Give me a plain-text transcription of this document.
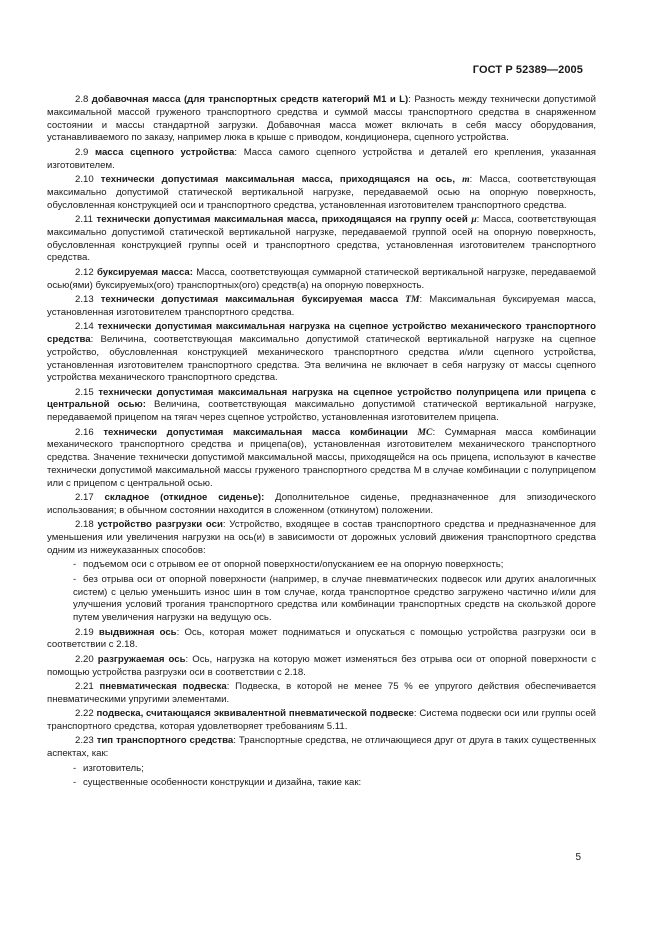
ГОСТ Р 52389—2005

2.8 добавочная масса (для транспортных средств категорий M1 и L): Разность между технически допустимой максимальной массой груженого транспортного средства и суммой массы транспортного средства в снаряженном состоянии и массы стандартной загрузки. Добавочная масса может включать в себя массу оборудования, устанавливаемого по заказу, например люка в крыше с приводом, кондиционера, сцепного устройства.

2.9 масса сцепного устройства: Масса самого сцепного устройства и деталей его крепления, указанная изготовителем.

2.10 технически допустимая максимальная масса, приходящаяся на ось, m: Масса, соответствующая максимально допустимой статической вертикальной нагрузке, передаваемой осью на опорную поверхность, обусловленная конструкцией оси и транспортного средства, установленная изготовителем транспортного средства.

2.11 технически допустимая максимальная масса, приходящаяся на группу осей μ: Масса, соответствующая максимально допустимой статической вертикальной нагрузке, передаваемой группой осей на опорную поверхность, обусловленная конструкцией группы осей и транспортного средства, установленная изготовителем транспортного средства.

2.12 буксируемая масса: Масса, соответствующая суммарной статической вертикальной нагрузке, передаваемой осью(ями) буксируемых(ого) транспортных(ого) средств(а) на опорную поверхность.

2.13 технически допустимая максимальная буксируемая масса TM: Максимальная буксируемая масса, установленная изготовителем транспортного средства.

2.14 технически допустимая максимальная нагрузка на сцепное устройство механического транспортного средства: Величина, соответствующая максимально допустимой статической вертикальной нагрузке на сцепное устройство, обусловленная конструкцией механического транспортного средства и/или сцепного устройства, установленная изготовителем транспортного средства. Эта величина не включает в себя нагрузку от массы сцепного устройства механического транспортного средства.

2.15 технически допустимая максимальная нагрузка на сцепное устройство полуприцепа или прицепа с центральной осью: Величина, соответствующая максимально допустимой статической вертикальной нагрузке, передаваемой прицепом на тягач через сцепное устройство, установленная изготовителем прицепа.

2.16 технически допустимая максимальная масса комбинации MC: Суммарная масса комбинации механического транспортного средства и прицепа(ов), установленная изготовителем механического транспортного средства. Значение технически допустимой максимальной массы, приходящейся на ось прицепа, используют в качестве технически допустимой максимальной массы груженого транспортного средства M в случае комбинации с полуприцепом или с прицепом с центральной осью.

2.17 складное (откидное сиденье): Дополнительное сиденье, предназначенное для эпизодического использования; в обычном состоянии находится в сложенном (откинутом) положении.

2.18 устройство разгрузки оси: Устройство, входящее в состав транспортного средства и предназначенное для уменьшения или увеличения нагрузки на ось(и) в зависимости от дорожных условий движения транспортного средства одним из нижеуказанных способов:

- подъемом оси с отрывом ее от опорной поверхности/опусканием ее на опорную поверхность;

- без отрыва оси от опорной поверхности (например, в случае пневматических подвесок или других аналогичных систем) с целью уменьшить износ шин в том случае, когда транспортное средство загружено частично и/или для улучшения условий трогания транспортного средства или комбинации транспортных средств на скользкой дороге путем увеличения нагрузки на ведущую ось.

2.19 выдвижная ось: Ось, которая может подниматься и опускаться с помощью устройства разгрузки оси в соответствии с 2.18.

2.20 разгружаемая ось: Ось, нагрузка на которую может изменяться без отрыва оси от опорной поверхности с помощью устройства разгрузки оси в соответствии с 2.18.

2.21 пневматическая подвеска: Подвеска, в которой не менее 75 % ее упругого действия обеспечивается пневматическими упругими элементами.

2.22 подвеска, считающаяся эквивалентной пневматической подвеске: Система подвески оси или группы осей транспортного средства, которая удовлетворяет требованиям 5.11.

2.23 тип транспортного средства: Транспортные средства, не отличающиеся друг от друга в таких существенных аспектах, как:

- изготовитель;

- существенные особенности конструкции и дизайна, такие как:

5
